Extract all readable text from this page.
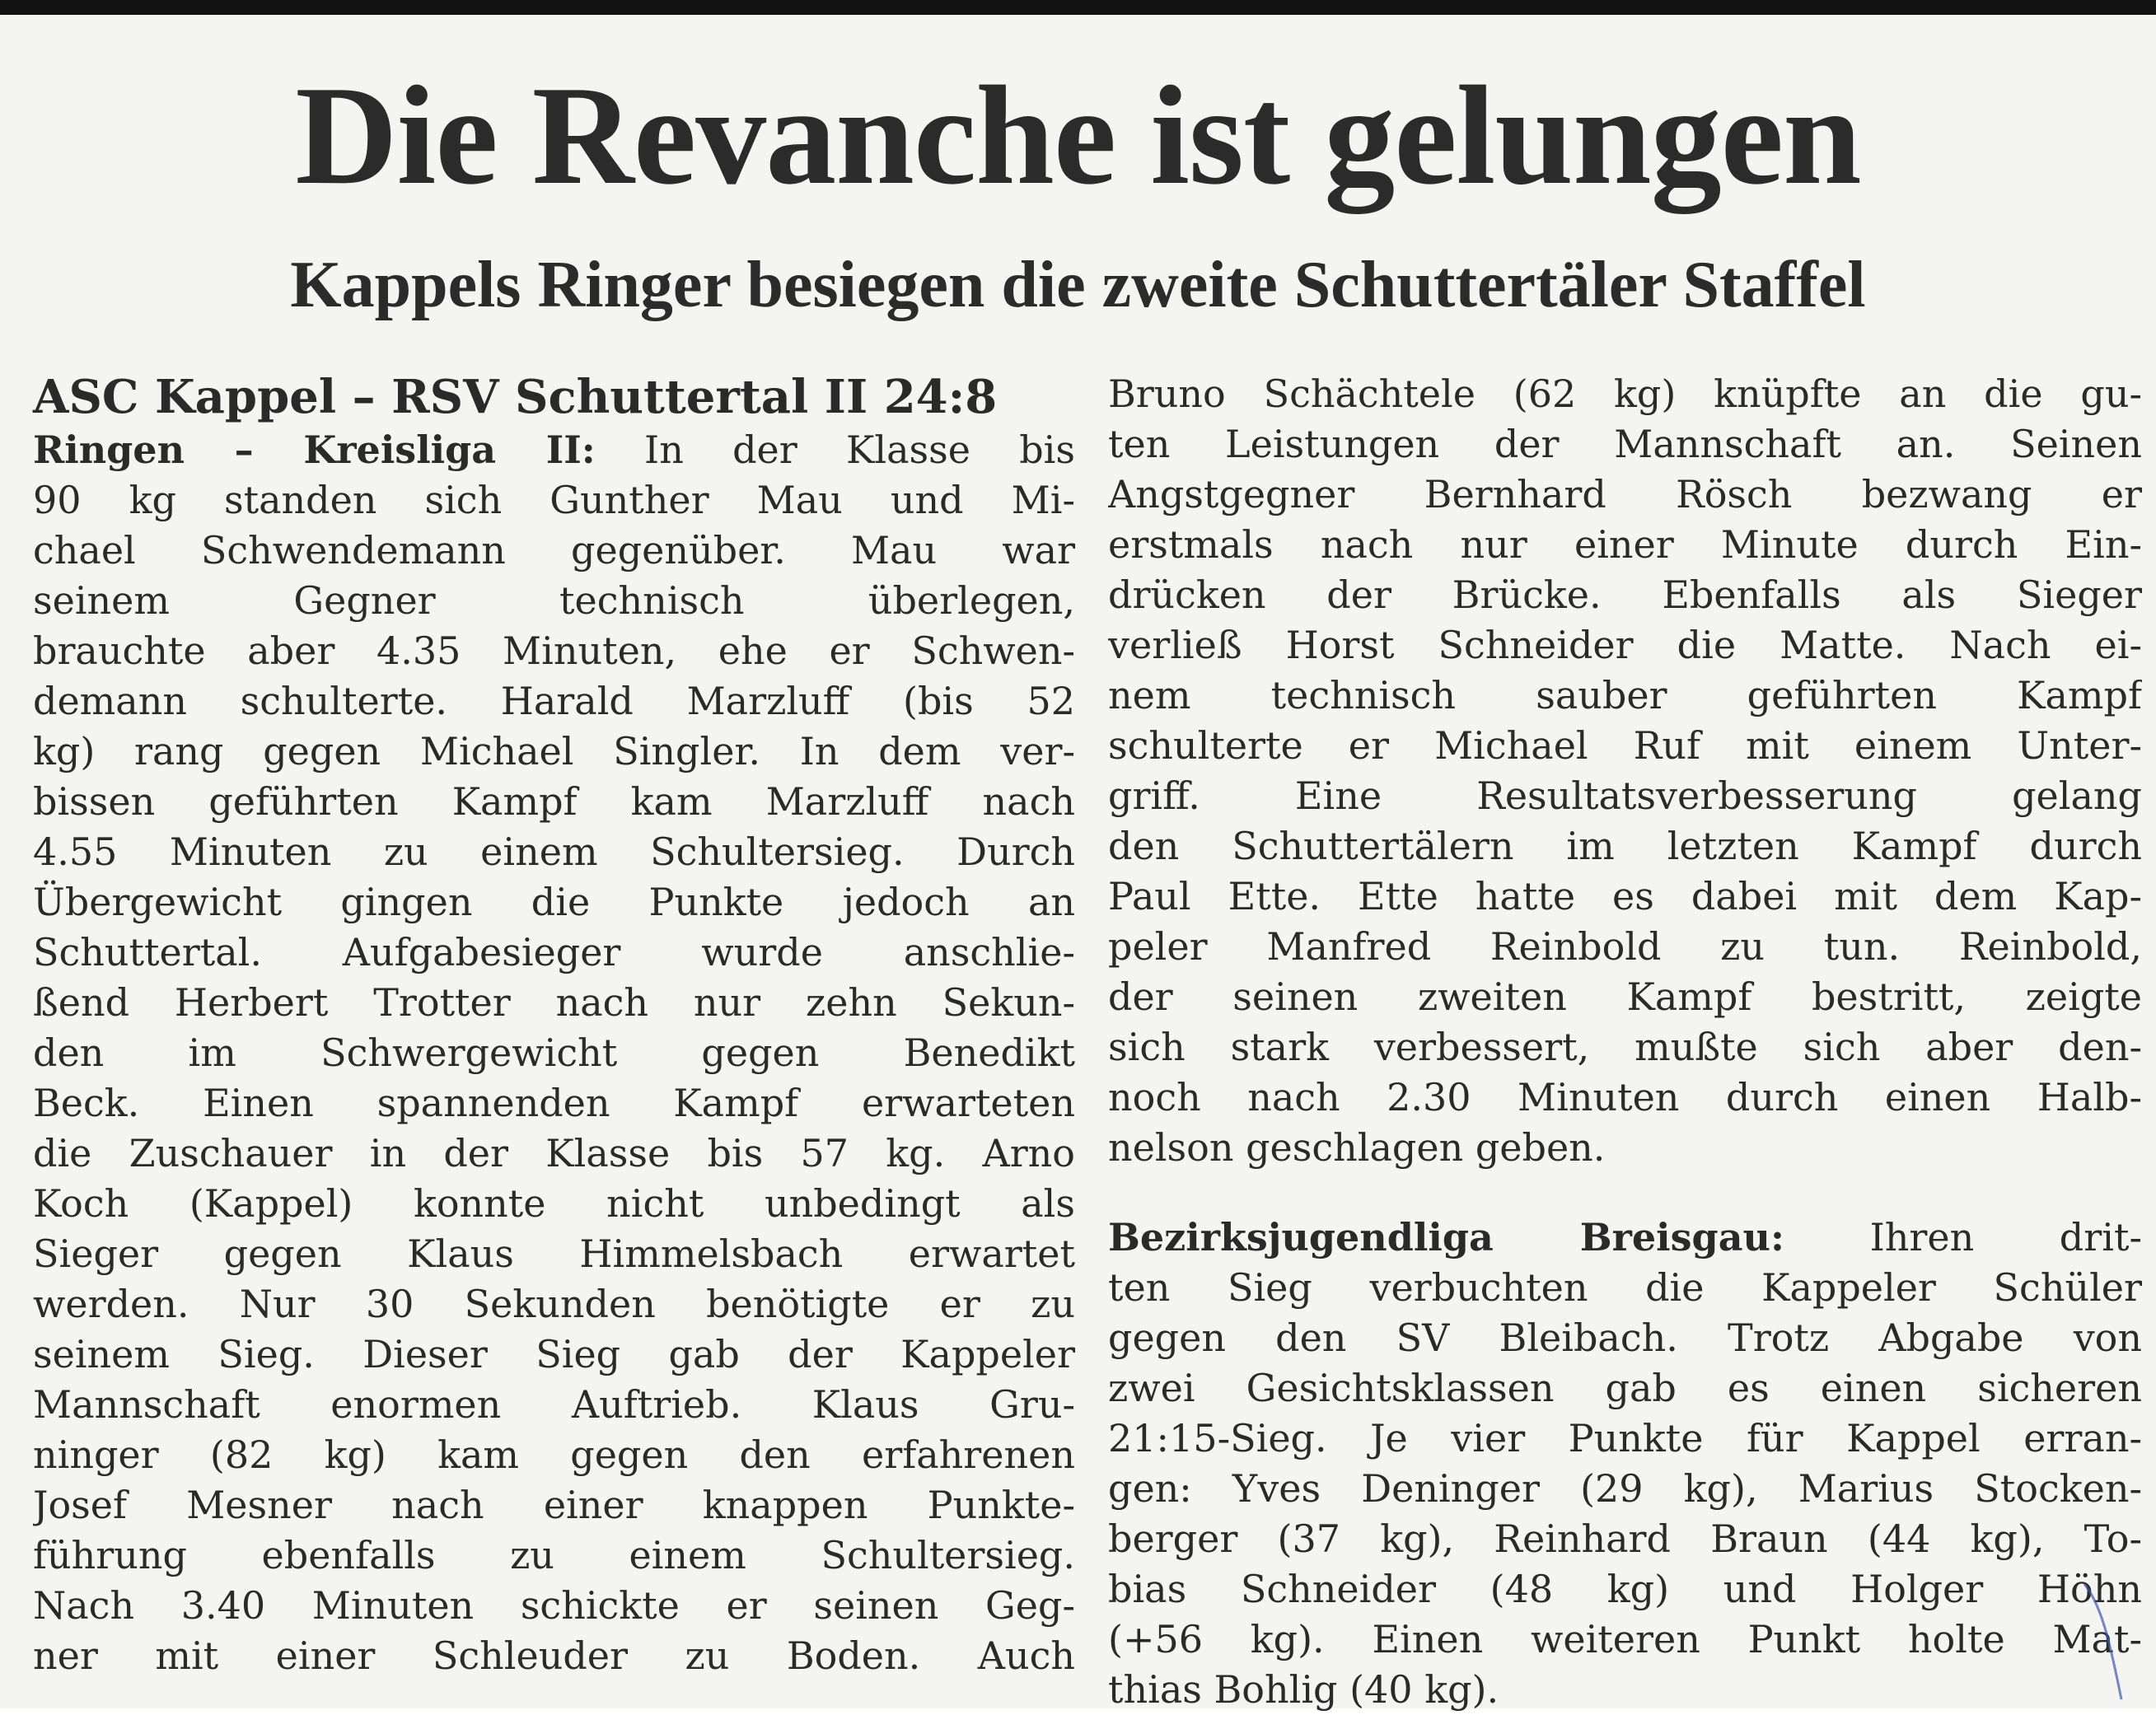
Die Revanche ist gelungen
Kappels Ringer besiegen die zweite Schuttertäler Staffel
ASC Kappel – RSV Schuttertal II 24:8
Ringen – Kreisliga II: In der Klasse bis
90 kg standen sich Gunther Mau und Mi-
chael Schwendemann gegenüber. Mau war
seinem Gegner technisch überlegen,
brauchte aber 4.35 Minuten, ehe er Schwen-
demann schulterte. Harald Marzluff (bis 52
kg) rang gegen Michael Singler. In dem ver-
bissen geführten Kampf kam Marzluff nach
4.55 Minuten zu einem Schultersieg. Durch
Übergewicht gingen die Punkte jedoch an
Schuttertal. Aufgabesieger wurde anschlie-
ßend Herbert Trotter nach nur zehn Sekun-
den im Schwergewicht gegen Benedikt
Beck. Einen spannenden Kampf erwarteten
die Zuschauer in der Klasse bis 57 kg. Arno
Koch (Kappel) konnte nicht unbedingt als
Sieger gegen Klaus Himmelsbach erwartet
werden. Nur 30 Sekunden benötigte er zu
seinem Sieg. Dieser Sieg gab der Kappeler
Mannschaft enormen Auftrieb. Klaus Gru-
ninger (82 kg) kam gegen den erfahrenen
Josef Mesner nach einer knappen Punkte-
führung ebenfalls zu einem Schultersieg.
Nach 3.40 Minuten schickte er seinen Geg-
ner mit einer Schleuder zu Boden. Auch
Bruno Schächtele (62 kg) knüpfte an die gu-
ten Leistungen der Mannschaft an. Seinen
Angstgegner Bernhard Rösch bezwang er
erstmals nach nur einer Minute durch Ein-
drücken der Brücke. Ebenfalls als Sieger
verließ Horst Schneider die Matte. Nach ei-
nem technisch sauber geführten Kampf
schulterte er Michael Ruf mit einem Unter-
griff. Eine Resultatsverbesserung gelang
den Schuttertälern im letzten Kampf durch
Paul Ette. Ette hatte es dabei mit dem Kap-
peler Manfred Reinbold zu tun. Reinbold,
der seinen zweiten Kampf bestritt, zeigte
sich stark verbessert, mußte sich aber den-
noch nach 2.30 Minuten durch einen Halb-
nelson geschlagen geben.
Bezirksjugendliga Breisgau: Ihren drit-
ten Sieg verbuchten die Kappeler Schüler
gegen den SV Bleibach. Trotz Abgabe von
zwei Gesichtsklassen gab es einen sicheren
21:15-Sieg. Je vier Punkte für Kappel erran-
gen: Yves Deninger (29 kg), Marius Stocken-
berger (37 kg), Reinhard Braun (44 kg), To-
bias Schneider (48 kg) und Holger Höhn
(+56 kg). Einen weiteren Punkt holte Mat-
thias Bohlig (40 kg).
